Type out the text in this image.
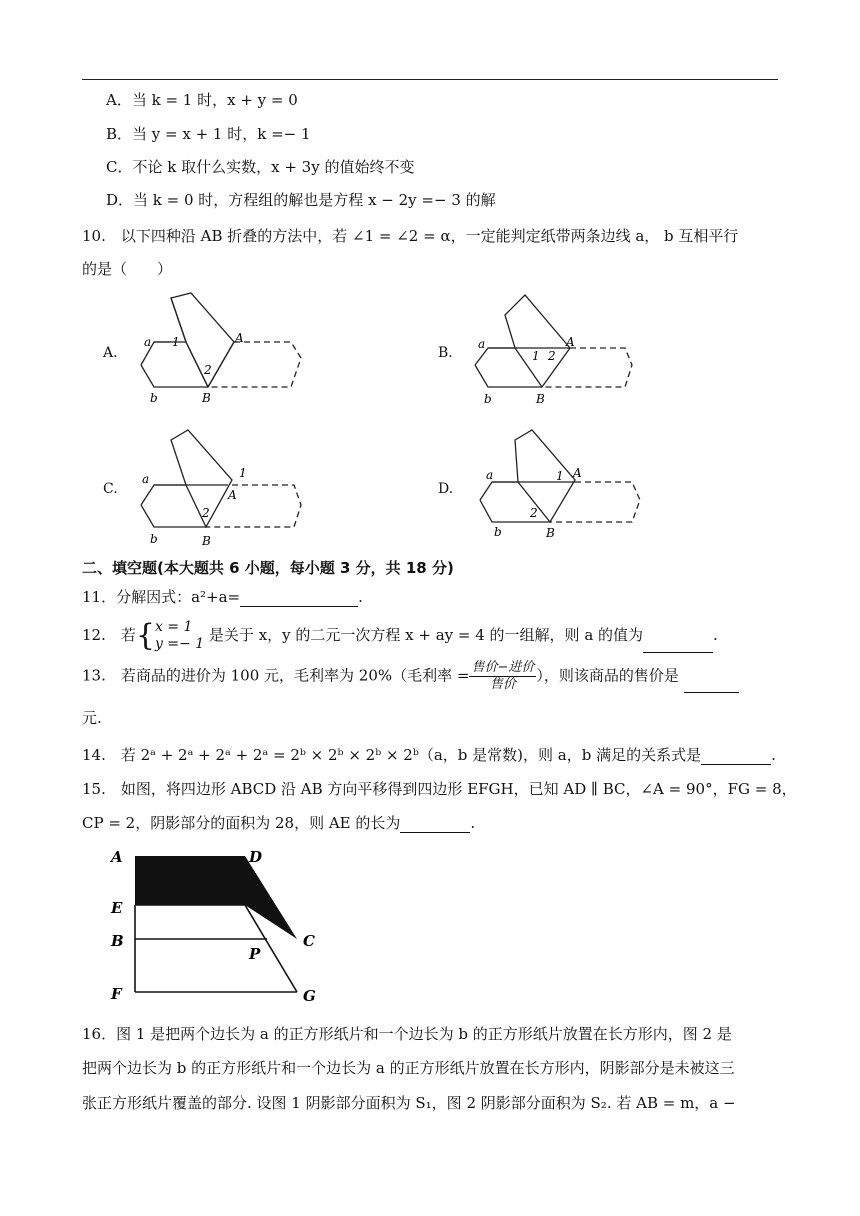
A．当 k = 1 时，x + y = 0
B．当 y = x + 1 时，k =− 1
C．不论 k 取什么实数，x + 3y 的值始终不变
D．当 k = 0 时，方程组的解也是方程 x − 2y =− 3 的解
10.　以下四种沿 AB 折叠的方法中，若 ∠1 = ∠2 = α，一定能判定纸带两条边线 a， b 互相平行
的是（　　）
A.	B.
C.	D.
a 1	A
2
b	B
a
1 2
A
b	B
a	1
A
2
b	B
a	1 A
2
b	B
二、填空题(本大题共 6 小题，每小题 3 分，共 18 分)
11．分解因式：a²+a=	.
12.　若{ x = 1
y =− 1 是关于 x，y 的二元一次方程 x + ay = 4 的一组解，则 a 的值为	.
13.　若商品的进价为 100 元，毛利率为 20%（毛利率 = $\frac{\text{售价−进价}}{\text{售价}}$ ），则该商品的售价是
元.
14.　若 2ᵃ + 2ᵃ + 2ᵃ + 2ᵃ = 2ᵇ × 2ᵇ × 2ᵇ × 2ᵇ（a，b 是常数)，则 a，b 满足的关系式是	.
15.　如图，将四边形 ABCD 沿 AB 方向平移得到四边形 EFGH，已知 AD ∥ BC，∠A = 90°，FG = 8，
CP = 2，阴影部分的面积为 28，则 AE 的长为	.
A	D
E
B
P
C
F	G
16．图 1 是把两个边长为 a 的正方形纸片和一个边长为 b 的正方形纸片放置在长方形内，图 2 是
把两个边长为 b 的正方形纸片和一个边长为 a 的正方形纸片放置在长方形内，阴影部分是未被这三
张正方形纸片覆盖的部分. 设图 1 阴影部分面积为 S₁，图 2 阴影部分面积为 S₂. 若 AB = m，a −
